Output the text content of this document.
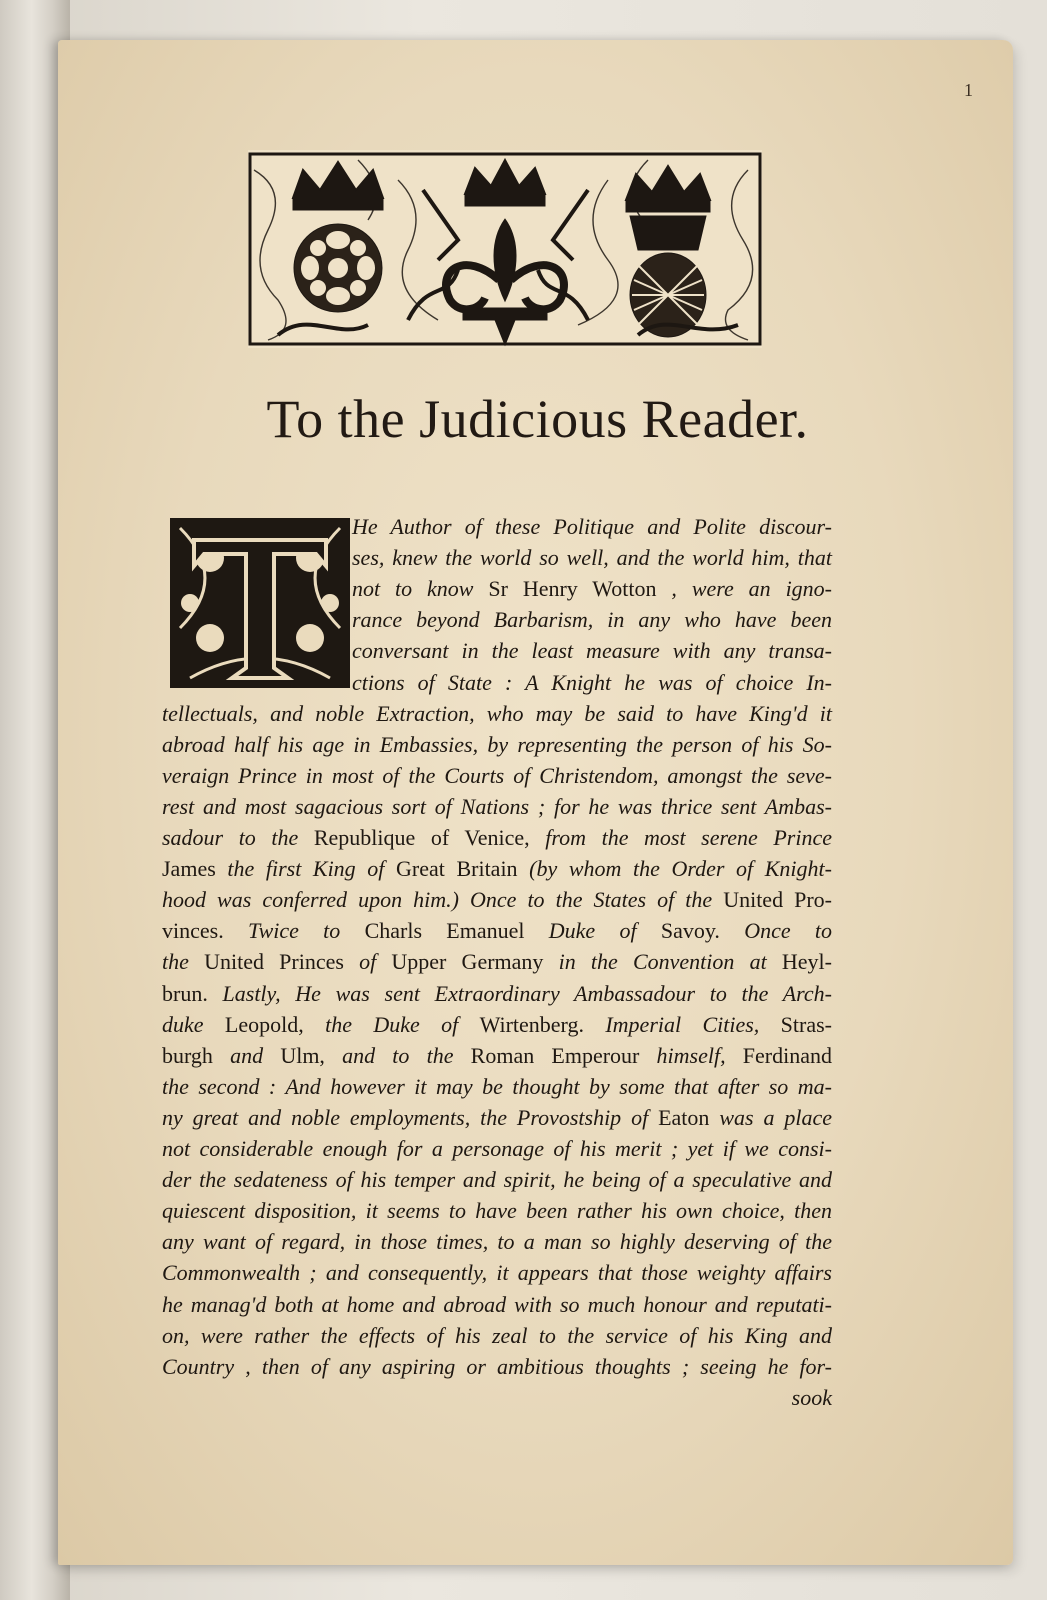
1
To the Judicious Reader.
He Author of these Politique and Polite discour-
ses, knew the world so well, and the world him, that
not to know Sr Henry Wotton , were an igno-
rance beyond Barbarism, in any who have been
conversant in the least measure with any transa-
ctions of State : A Knight he was of choice In-
tellectuals, and noble Extraction, who may be said to have King'd it
abroad half his age in Embassies, by representing the person of his So-
veraign Prince in most of the Courts of Christendom, amongst the seve-
rest and most sagacious sort of Nations ; for he was thrice sent Ambas-
sadour to the Republique of Venice, from the most serene Prince
James the first King of Great Britain (by whom the Order of Knight-
hood was conferred upon him.) Once to the States of the United Pro-
vinces. Twice to Charls Emanuel Duke of Savoy. Once to
the United Princes of Upper Germany in the Convention at Heyl-
brun. Lastly, He was sent Extraordinary Ambassadour to the Arch-
duke Leopold, the Duke of Wirtenberg. Imperial Cities, Stras-
burgh and Ulm, and to the Roman Emperour himself, Ferdinand
the second : And however it may be thought by some that after so ma-
ny great and noble employments, the Provostship of Eaton was a place
not considerable enough for a personage of his merit ; yet if we consi-
der the sedateness of his temper and spirit, he being of a speculative and
quiescent disposition, it seems to have been rather his own choice, then
any want of regard, in those times, to a man so highly deserving of the
Commonwealth ; and consequently, it appears that those weighty affairs
he manag'd both at home and abroad with so much honour and reputati-
on, were rather the effects of his zeal to the service of his King and
Country , then of any aspiring or ambitious thoughts ; seeing he for-
sook
